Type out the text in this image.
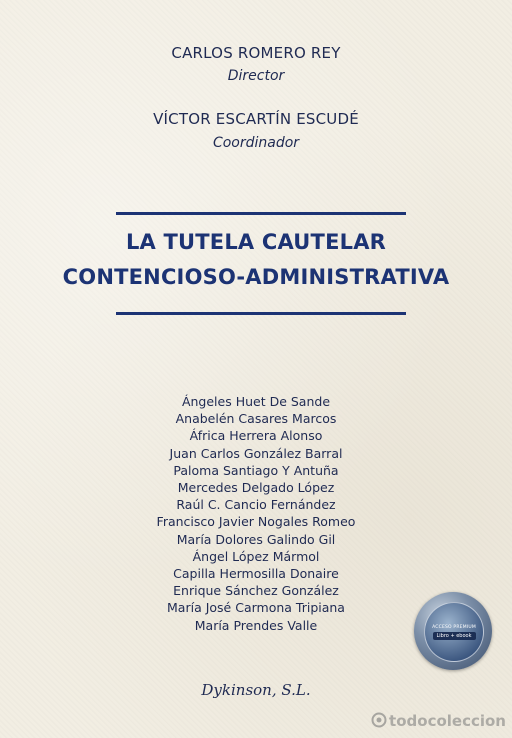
CARLOS ROMERO REY
Director
VÍCTOR ESCARTÍN ESCUDÉ
Coordinador
LA TUTELA CAUTELAR
CONTENCIOSO-ADMINISTRATIVA
Ángeles Huet De Sande
Anabelén Casares Marcos
África Herrera Alonso
Juan Carlos González Barral
Paloma Santiago Y Antuña
Mercedes Delgado López
Raúl C. Cancio Fernández
Francisco Javier Nogales Romeo
María Dolores Galindo Gil
Ángel López Mármol
Capilla Hermosilla Donaire
Enrique Sánchez González
María José Carmona Tripiana
María Prendes Valle	ACCESO PREMIUM
Libro + ebook
Dykinson, S.L.
todocoleccion
